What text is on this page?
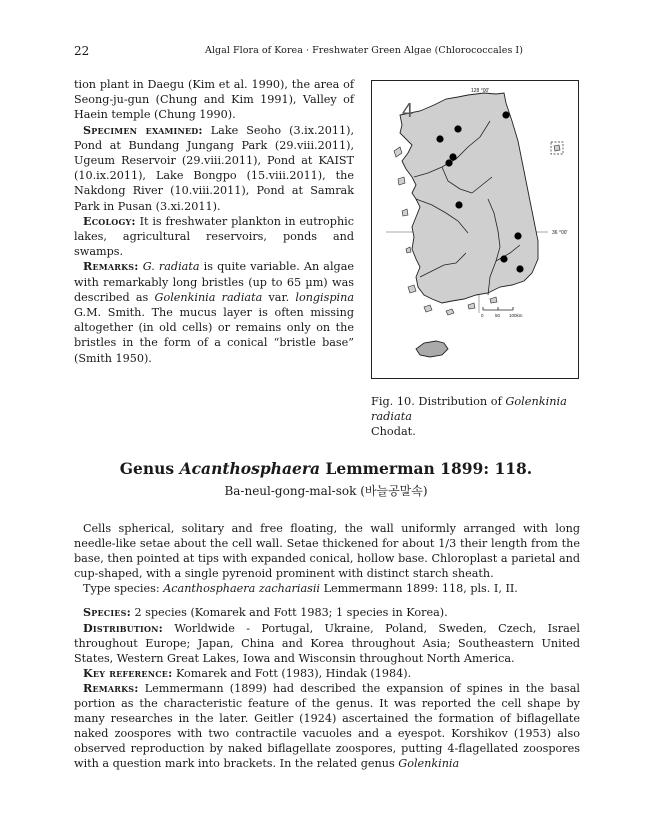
22	Algal Flora of Korea · Freshwater Green Algae (Chlorococcales I)

tion plant in Daegu (Kim et al. 1990), the area of Seong-ju-gun (Chung and Kim 1991), Valley of Haein temple (Chung 1990).

Specimen examined: Lake Seoho (3.ix.2011), Pond at Bundang Jungang Park (29.viii.2011), Ugeum Reservoir (29.viii.2011), Pond at KAIST (10.ix.2011), Lake Bongpo (15.viii.2011), the Nakdong River (10.viii.2011), Pond at Samrak Park in Pusan (3.xi.2011).

Ecology: It is freshwater plankton in eutrophic lakes, agricultural reservoirs, ponds and swamps.

Remarks: G. radiata is quite variable. An algae with remarkably long bristles (up to 65 µm) was described as Golenkinia radiata var. longispina G.M. Smith. The mucus layer is often missing altogether (in old cells) or remains only on the bristles in the form of a conical “bristle base” (Smith 1950).

4
128 °00'
36 °00'
0	50 100km
Fig. 10. Distribution of Golenkinia radiata
Chodat.
Genus Acanthosphaera Lemmerman 1899: 118.
Ba-neul-gong-mal-sok (바늘공말속)

Cells spherical, solitary and free floating, the wall uniformly arranged with long needle-like setae about the cell wall. Setae thickened for about 1/3 their length from the base, then pointed at tips with expanded conical, hollow base. Chloroplast a parietal and cup-shaped, with a single pyrenoid prominent with distinct starch sheath.

Type species: Acanthosphaera zachariasii Lemmermann 1899: 118, pls. I, II.

Species: 2 species (Komarek and Fott 1983; 1 species in Korea).

Distribution: Worldwide - Portugal, Ukraine, Poland, Sweden, Czech, Israel throughout Europe; Japan, China and Korea throughout Asia; Southeastern United States, Western Great Lakes, Iowa and Wisconsin throughout North America.

Key reference: Komarek and Fott (1983), Hindak (1984).

Remarks: Lemmermann (1899) had described the expansion of spines in the basal portion as the characteristic feature of the genus. It was reported the cell shape by many researches in the later. Geitler (1924) ascertained the formation of biflagellate naked zoospores with two contractile vacuoles and a eyespot. Korshikov (1953) also observed reproduction by naked biflagellate zoospores, putting 4-flagellated zoospores with a question mark into brackets. In the related genus Golenkinia
